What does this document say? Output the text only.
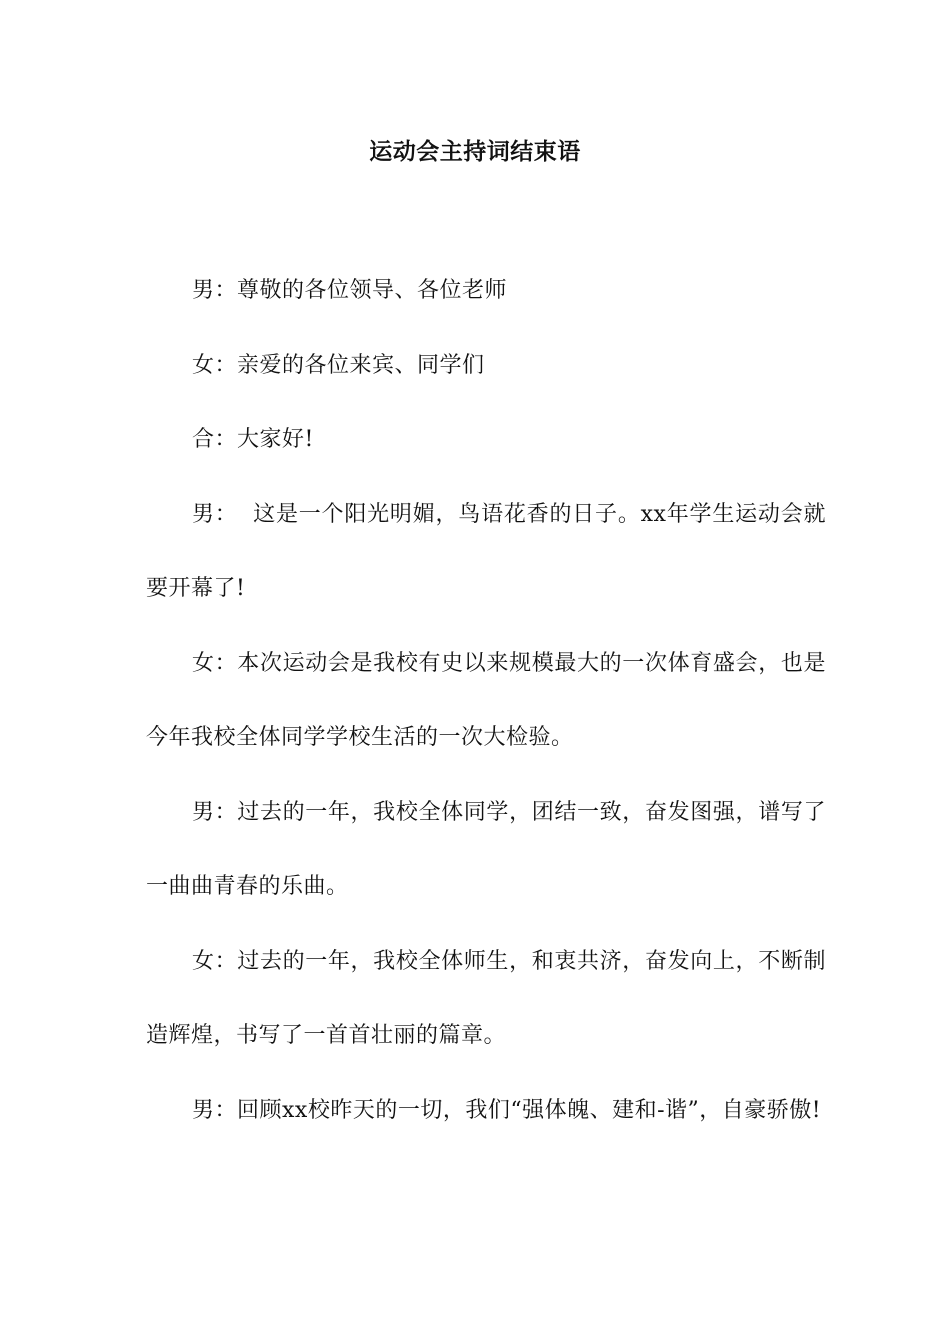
运动会主持词结束语

男：尊敬的各位领导、各位老师

女：亲爱的各位来宾、同学们

合：大家好!

男：  这是一个阳光明媚，鸟语花香的日子。xx年学生运动会就要开幕了!

女：本次运动会是我校有史以来规模最大的一次体育盛会，也是今年我校全体同学学校生活的一次大检验。

男：过去的一年，我校全体同学，团结一致，奋发图强，谱写了一曲曲青春的乐曲。

女：过去的一年，我校全体师生，和衷共济，奋发向上，不断制造辉煌，书写了一首首壮丽的篇章。

男：回顾xx校昨天的一切，我们“强体魄、建和-谐”，自豪骄傲!
